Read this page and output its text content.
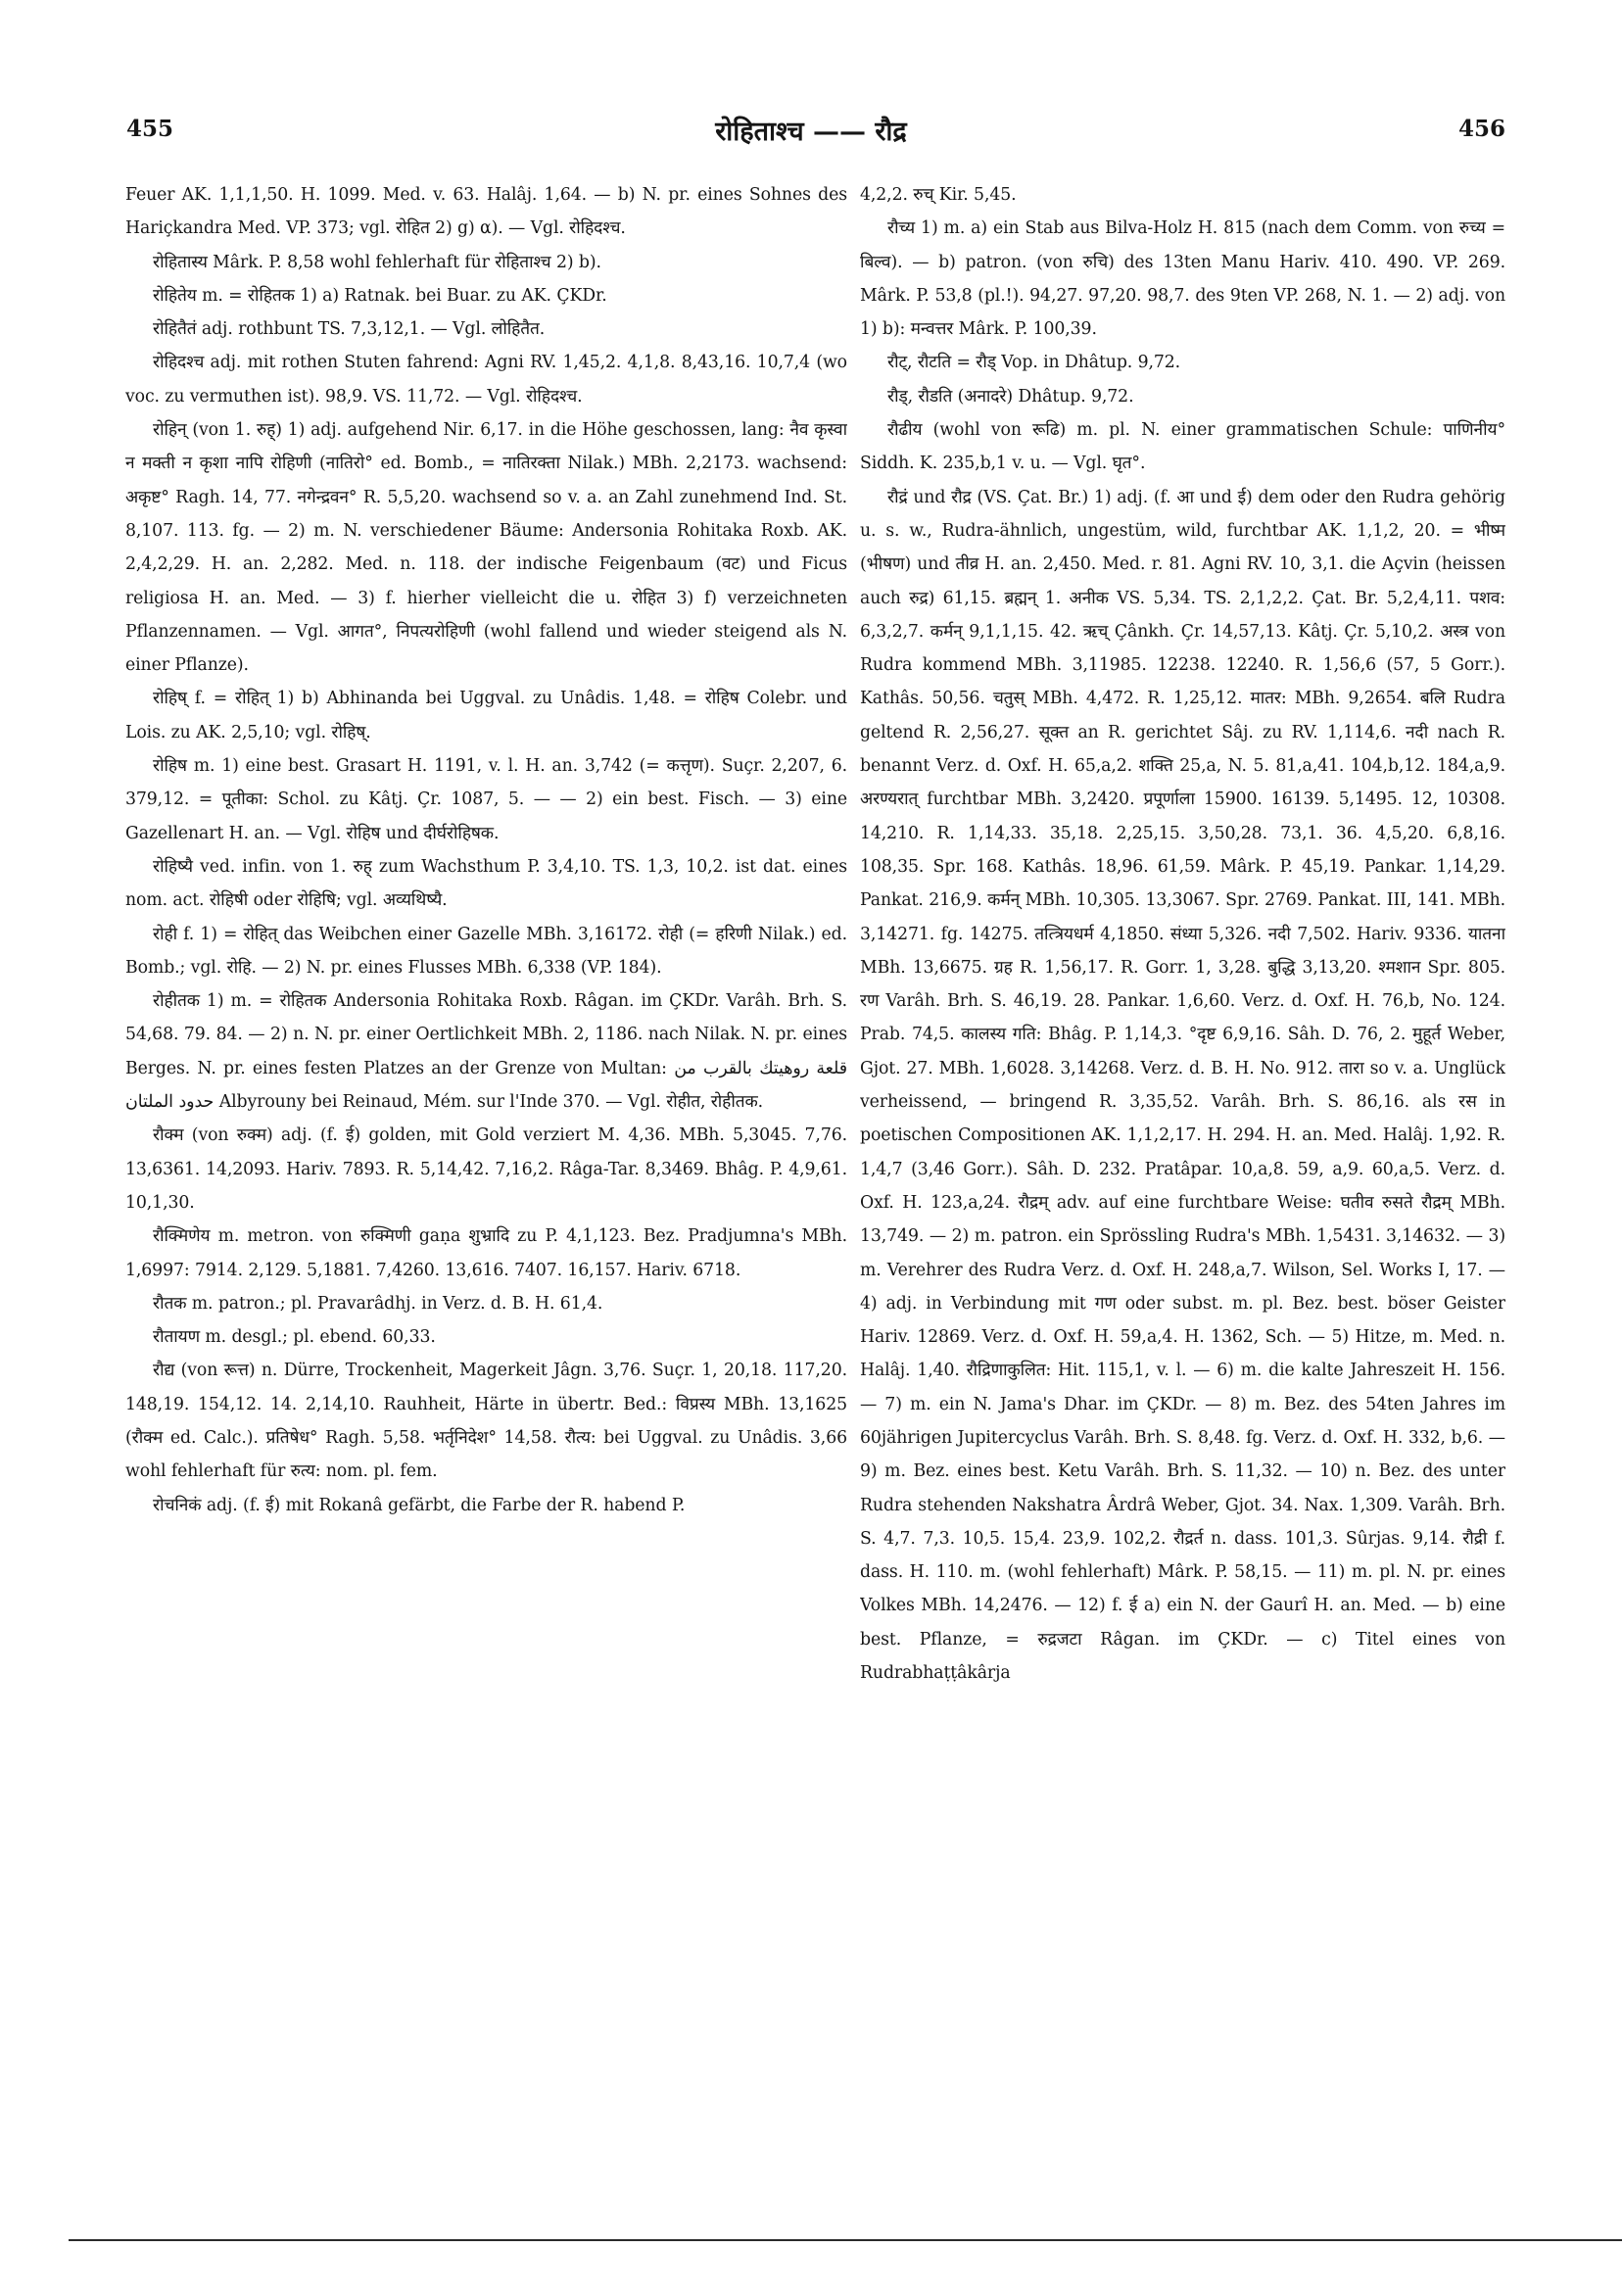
455	रोहिताश्च —— रौद्र	456

Feuer AK. 1,1,1,50. H. 1099. Med. v. 63. Halâj. 1,64. — b) N. pr. eines Sohnes des Hariçkandra Med. VP. 373; vgl. रोहित 2) g) α). — Vgl. रोहिदश्च.

रोहितास्य Mârk. P. 8,58 wohl fehlerhaft für रोहिताश्च 2) b).

रोहितेय m. = रोहितक 1) a) Ratnak. bei Buar. zu AK. ÇKDr.

रोहितैतं adj. rothbunt TS. 7,3,12,1. — Vgl. लोहितैत.

रोहिदश्च adj. mit rothen Stuten fahrend: Agni RV. 1,45,2. 4,1,8. 8,43,16. 10,7,4 (wo voc. zu vermuthen ist). 98,9. VS. 11,72. — Vgl. रोहिदश्च.

रोहिन् (von 1. रुह्) 1) adj. aufgehend Nir. 6,17. in die Höhe geschossen, lang: नैव कृस्वा न मक्ती न कृशा नापि रोहिणी (नातिरो° ed. Bomb., = नातिरक्ता Nilak.) MBh. 2,2173. wachsend: अकृष्ट° Ragh. 14, 77. नगेन्द्रवन° R. 5,5,20. wachsend so v. a. an Zahl zunehmend Ind. St. 8,107. 113. fg. — 2) m. N. verschiedener Bäume: Andersonia Rohitaka Roxb. AK. 2,4,2,29. H. an. 2,282. Med. n. 118. der indische Feigenbaum (वट) und Ficus religiosa H. an. Med. — 3) f. hierher vielleicht die u. रोहित 3) f) verzeichneten Pflanzennamen. — Vgl. आगत°, निपत्यरोहिणी (wohl fallend und wieder steigend als N. einer Pflanze).

रोहिष् f. = रोहित् 1) b) Abhinanda bei Uggval. zu Unâdis. 1,48. = रोहिष Colebr. und Lois. zu AK. 2,5,10; vgl. रोहिष्.

रोहिष m. 1) eine best. Grasart H. 1191, v. l. H. an. 3,742 (= कत्तृण). Suçr. 2,207, 6. 379,12. = पूतीका: Schol. zu Kâtj. Çr. 1087, 5. — — 2) ein best. Fisch. — 3) eine Gazellenart H. an. — Vgl. रोहिष und दीर्घरोहिषक.

रोहिष्यै ved. infin. von 1. रुह् zum Wachsthum P. 3,4,10. TS. 1,3, 10,2. ist dat. eines nom. act. रोहिषी oder रोहिषि; vgl. अव्यथिष्यै.

रोही f. 1) = रोहित् das Weibchen einer Gazelle MBh. 3,16172. रोही (= हरिणी Nilak.) ed. Bomb.; vgl. रोहि. — 2) N. pr. eines Flusses MBh. 6,338 (VP. 184).

रोहीतक 1) m. = रोहितक Andersonia Rohitaka Roxb. Râgan. im ÇKDr. Varâh. Brh. S. 54,68. 79. 84. — 2) n. N. pr. einer Oertlichkeit MBh. 2, 1186. nach Nilak. N. pr. eines Berges. N. pr. eines festen Platzes an der Grenze von Multan: قلعة روهيتك بالقرب من حدود الملتان Albyrouny bei Reinaud, Mém. sur l'Inde 370. — Vgl. रोहीत, रोहीतक.

रौक्म (von रुक्म) adj. (f. ई) golden, mit Gold verziert M. 4,36. MBh. 5,3045. 7,76. 13,6361. 14,2093. Hariv. 7893. R. 5,14,42. 7,16,2. Râga-Tar. 8,3469. Bhâg. P. 4,9,61. 10,1,30.

रौक्मिणेय m. metron. von रुक्मिणी gaṇa शुभ्रादि zu P. 4,1,123. Bez. Pradjumna's MBh. 1,6997: 7914. 2,129. 5,1881. 7,4260. 13,616. 7407. 16,157. Hariv. 6718.

रौतक m. patron.; pl. Pravarâdhj. in Verz. d. B. H. 61,4.

रौतायण m. desgl.; pl. ebend. 60,33.

रौद्य (von रूत्त) n. Dürre, Trockenheit, Magerkeit Jâgn. 3,76. Suçr. 1, 20,18. 117,20. 148,19. 154,12. 14. 2,14,10. Rauhheit, Härte in übertr. Bed.: विप्रस्य MBh. 13,1625 (रौक्म ed. Calc.). प्रतिषेध° Ragh. 5,58. भर्तृनिदेश° 14,58. रौत्य: bei Uggval. zu Unâdis. 3,66 wohl fehlerhaft für रुत्य: nom. pl. fem.

रोचनिकं adj. (f. ई) mit Rokanâ gefärbt, die Farbe der R. habend P.

4,2,2. रुच् Kir. 5,45.

रौच्य 1) m. a) ein Stab aus Bilva-Holz H. 815 (nach dem Comm. von रुच्य = बिल्व). — b) patron. (von रुचि) des 13ten Manu Hariv. 410. 490. VP. 269. Mârk. P. 53,8 (pl.!). 94,27. 97,20. 98,7. des 9ten VP. 268, N. 1. — 2) adj. von 1) b): मन्वत्तर Mârk. P. 100,39.

रौट्, रौटति = रौड् Vop. in Dhâtup. 9,72.

रौड्, रौडति (अनादरे) Dhâtup. 9,72.

रौढीय (wohl von रूढि) m. pl. N. einer grammatischen Schule: पाणिनीय° Siddh. K. 235,b,1 v. u. — Vgl. घृत°.

रौद्रं und रौद्र (VS. Çat. Br.) 1) adj. (f. आ und ई) dem oder den Rudra gehörig u. s. w., Rudra-ähnlich, ungestüm, wild, furchtbar AK. 1,1,2, 20. = भीष्म (भीषण) und तीव्र H. an. 2,450. Med. r. 81. Agni RV. 10, 3,1. die Açvin (heissen auch रुद्र) 61,15. ब्रह्मन् 1. अनीक VS. 5,34. TS. 2,1,2,2. Çat. Br. 5,2,4,11. पशव: 6,3,2,7. कर्मन् 9,1,1,15. 42. ऋच् Çânkh. Çr. 14,57,13. Kâtj. Çr. 5,10,2. अस्त्र von Rudra kommend MBh. 3,11985. 12238. 12240. R. 1,56,6 (57, 5 Gorr.). Kathâs. 50,56. चतुस् MBh. 4,472. R. 1,25,12. मातर: MBh. 9,2654. बलि Rudra geltend R. 2,56,27. सूक्त an R. gerichtet Sâj. zu RV. 1,114,6. नदी nach R. benannt Verz. d. Oxf. H. 65,a,2. शक्ति 25,a, N. 5. 81,a,41. 104,b,12. 184,a,9. अरण्यरात् furchtbar MBh. 3,2420. प्रपूर्णाला 15900. 16139. 5,1495. 12, 10308. 14,210. R. 1,14,33. 35,18. 2,25,15. 3,50,28. 73,1. 36. 4,5,20. 6,8,16. 108,35. Spr. 168. Kathâs. 18,96. 61,59. Mârk. P. 45,19. Pankar. 1,14,29. Pankat. 216,9. कर्मन् MBh. 10,305. 13,3067. Spr. 2769. Pankat. III, 141. MBh. 3,14271. fg. 14275. तत्त्रियधर्म 4,1850. संध्या 5,326. नदी 7,502. Hariv. 9336. यातना MBh. 13,6675. ग्रह R. 1,56,17. R. Gorr. 1, 3,28. बुद्धि 3,13,20. श्मशान Spr. 805. रण Varâh. Brh. S. 46,19. 28. Pankar. 1,6,60. Verz. d. Oxf. H. 76,b, No. 124. Prab. 74,5. कालस्य गति: Bhâg. P. 1,14,3. °दृष्ट 6,9,16. Sâh. D. 76, 2. मुहूर्त Weber, Gjot. 27. MBh. 1,6028. 3,14268. Verz. d. B. H. No. 912. तारा so v. a. Unglück verheissend, — bringend R. 3,35,52. Varâh. Brh. S. 86,16. als रस in poetischen Compositionen AK. 1,1,2,17. H. 294. H. an. Med. Halâj. 1,92. R. 1,4,7 (3,46 Gorr.). Sâh. D. 232. Pratâpar. 10,a,8. 59, a,9. 60,a,5. Verz. d. Oxf. H. 123,a,24. रौद्रम् adv. auf eine furchtbare Weise: घतीव रुसते रौद्रम् MBh. 13,749. — 2) m. patron. ein Sprössling Rudra's MBh. 1,5431. 3,14632. — 3) m. Verehrer des Rudra Verz. d. Oxf. H. 248,a,7. Wilson, Sel. Works I, 17. — 4) adj. in Verbindung mit गण oder subst. m. pl. Bez. best. böser Geister Hariv. 12869. Verz. d. Oxf. H. 59,a,4. H. 1362, Sch. — 5) Hitze, m. Med. n. Halâj. 1,40. रौद्रिणाकुलित: Hit. 115,1, v. l. — 6) m. die kalte Jahreszeit H. 156. — 7) m. ein N. Jama's Dhar. im ÇKDr. — 8) m. Bez. des 54ten Jahres im 60jährigen Jupitercyclus Varâh. Brh. S. 8,48. fg. Verz. d. Oxf. H. 332, b,6. — 9) m. Bez. eines best. Ketu Varâh. Brh. S. 11,32. — 10) n. Bez. des unter Rudra stehenden Nakshatra Ârdrâ Weber, Gjot. 34. Nax. 1,309. Varâh. Brh. S. 4,7. 7,3. 10,5. 15,4. 23,9. 102,2. रौद्रर्त n. dass. 101,3. Sûrjas. 9,14. रौद्री f. dass. H. 110. m. (wohl fehlerhaft) Mârk. P. 58,15. — 11) m. pl. N. pr. eines Volkes MBh. 14,2476. — 12) f. ई a) ein N. der Gaurî H. an. Med. — b) eine best. Pflanze, = रुद्रजटा Râgan. im ÇKDr. — c) Titel eines von Rudrabhaṭṭâkârja
